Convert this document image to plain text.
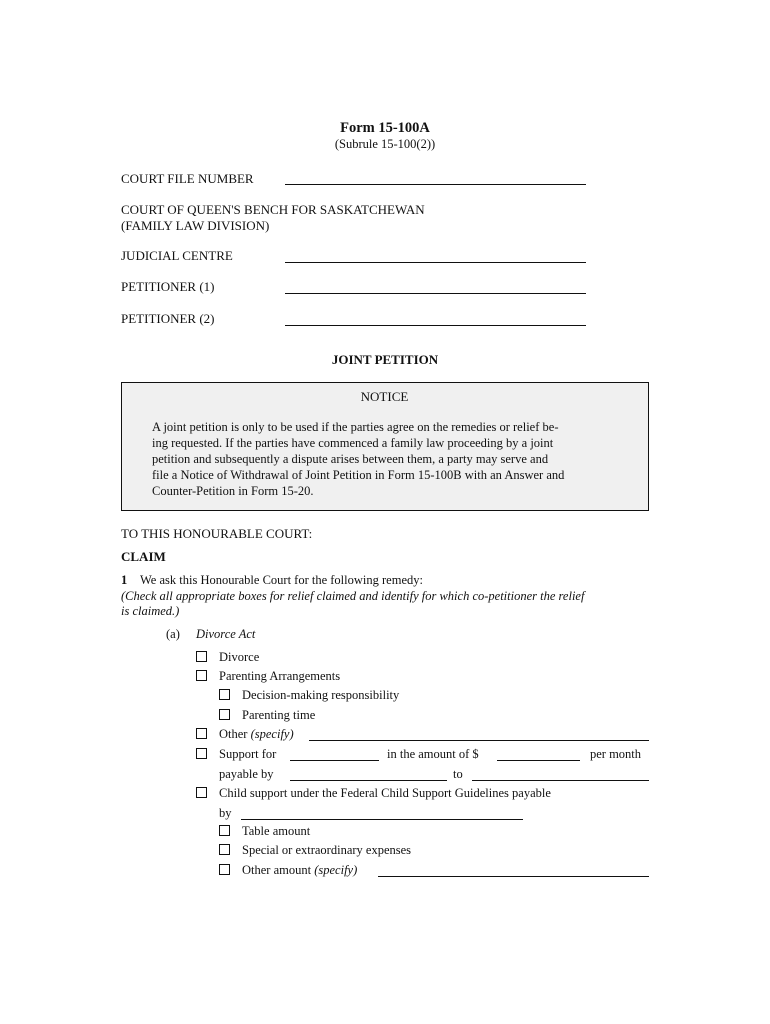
Form 15-100A
(Subrule 15-100(2))
COURT FILE NUMBER
COURT OF QUEEN'S BENCH FOR SASKATCHEWAN
(FAMILY LAW DIVISION)
JUDICIAL CENTRE
PETITIONER (1)
PETITIONER (2)
JOINT PETITION
NOTICE
A joint petition is only to be used if the parties agree on the remedies or relief be-
ing requested. If the parties have commenced a family law proceeding by a joint
petition and subsequently a dispute arises between them, a party may serve and
file a Notice of Withdrawal of Joint Petition in Form 15-100B with an Answer and
Counter-Petition in Form 15-20.
TO THIS HONOURABLE COURT:
CLAIM
1 We ask this Honourable Court for the following remedy:
(Check all appropriate boxes for relief claimed and identify for which co-petitioner the relief
is claimed.)
(a) Divorce Act
Divorce
Parenting Arrangements
Decision-making responsibility
Parenting time
Other (specify)
Support for	in the amount of $	per month
payable by	to
Child support under the Federal Child Support Guidelines payable
by
Table amount
Special or extraordinary expenses
Other amount (specify)
